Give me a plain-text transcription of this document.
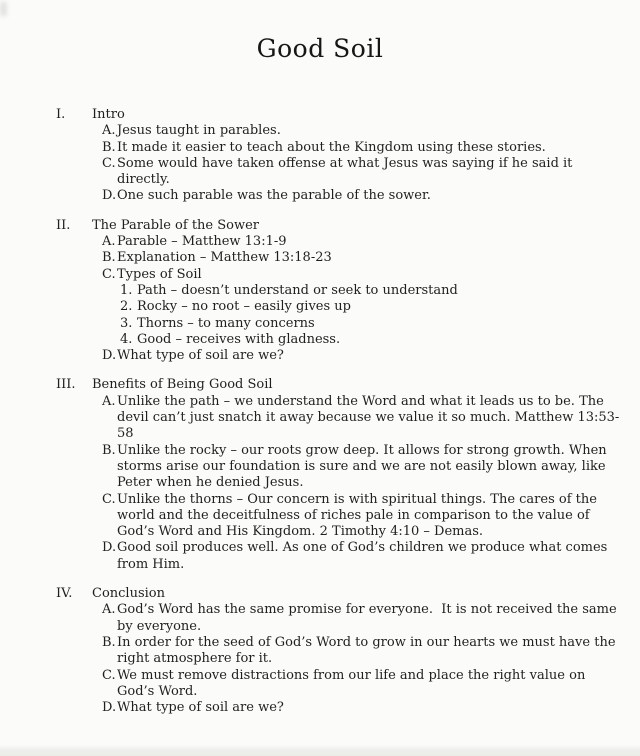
Good Soil
I.	Intro
A. Jesus taught in parables.
B. It made it easier to teach about the Kingdom using these stories.
C. Some would have taken offense at what Jesus was saying if he said it directly.
D. One such parable was the parable of the sower.
II.	The Parable of the Sower
A. Parable – Matthew 13:1-9
B. Explanation – Matthew 13:18-23
C. Types of Soil
1. Path – doesn’t understand or seek to understand
2. Rocky – no root – easily gives up
3. Thorns – to many concerns
4. Good – receives with gladness.
D. What type of soil are we?
III.	Benefits of Being Good Soil
A. Unlike the path – we understand the Word and what it leads us to be. The devil can’t just snatch it away because we value it so much. Matthew 13:53-58
B. Unlike the rocky – our roots grow deep. It allows for strong growth. When storms arise our foundation is sure and we are not easily blown away, like Peter when he denied Jesus.
C. Unlike the thorns – Our concern is with spiritual things. The cares of the world and the deceitfulness of riches pale in comparison to the value of God’s Word and His Kingdom. 2 Timothy 4:10 – Demas.
D. Good soil produces well. As one of God’s children we produce what comes from Him.
IV.	Conclusion
A. God’s Word has the same promise for everyone.  It is not received the same by everyone.
B. In order for the seed of God’s Word to grow in our hearts we must have the right atmosphere for it.
C. We must remove distractions from our life and place the right value on God’s Word.
D. What type of soil are we?
